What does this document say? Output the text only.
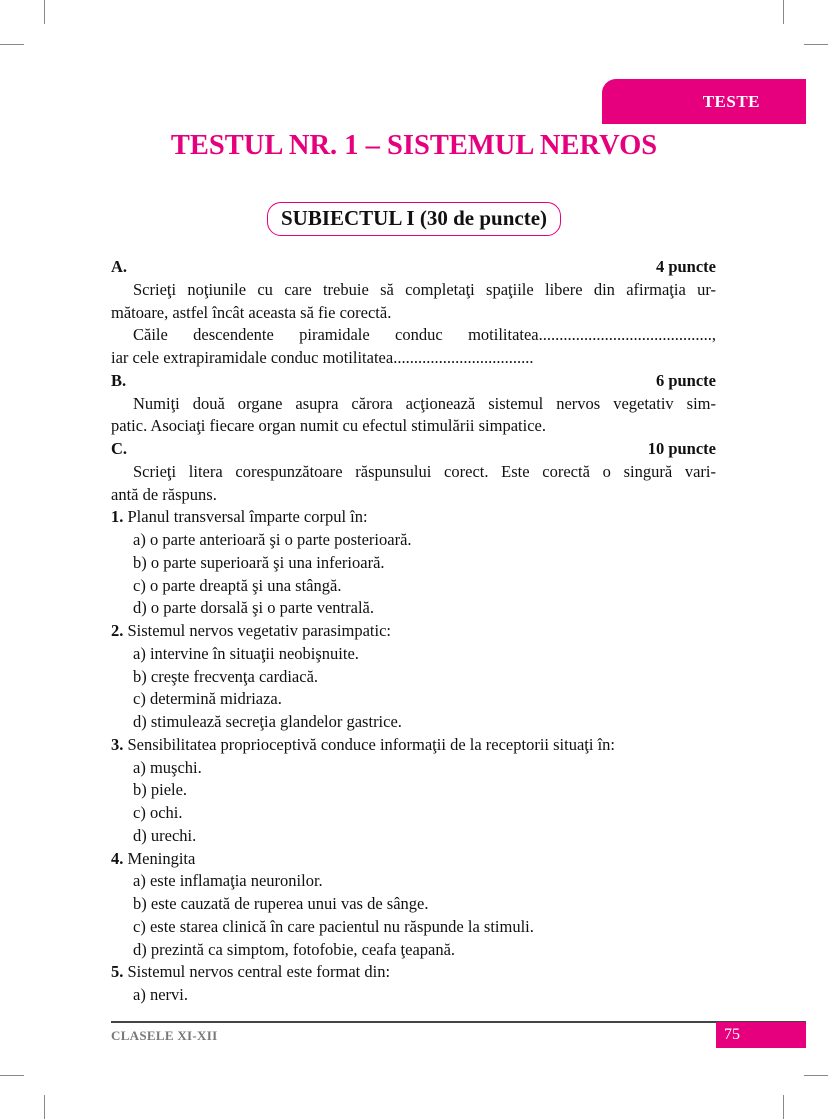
TESTE
TESTUL NR. 1 – SISTEMUL NERVOS
SUBIECTUL I (30 de puncte)
A.	4 puncte
Scrieţi noţiunile cu care trebuie să completaţi spaţiile libere din afirmaţia ur-
mătoare, astfel încât aceasta să fie corectă.
Căile descendente piramidale conduc motilitatea..........................................,
iar cele extrapiramidale conduc motilitatea..................................
B.	6 puncte
Numiţi două organe asupra cărora acţionează sistemul nervos vegetativ sim-
patic. Asociaţi fiecare organ numit cu efectul stimulării simpatice.
C.	10 puncte
Scrieţi litera corespunzătoare răspunsului corect. Este corectă o singură vari-
antă de răspuns.
1. Planul transversal împarte corpul în:
a) o parte anterioară şi o parte posterioară.
b) o parte superioară şi una inferioară.
c) o parte dreaptă şi una stângă.
d) o parte dorsală şi o parte ventrală.
2. Sistemul nervos vegetativ parasimpatic:
a) intervine în situaţii neobişnuite.
b) creşte frecvenţa cardiacă.
c) determină midriaza.
d) stimulează secreţia glandelor gastrice.
3. Sensibilitatea proprioceptivă conduce informaţii de la receptorii situaţi în:
a) muşchi.
b) piele.
c) ochi.
d) urechi.
4. Meningita
a) este inflamaţia neuronilor.
b) este cauzată de ruperea unui vas de sânge.
c) este starea clinică în care pacientul nu răspunde la stimuli.
d) prezintă ca simptom, fotofobie, ceafa ţeapană.
5. Sistemul nervos central este format din:
a) nervi.
CLASELE XI-XII	75
